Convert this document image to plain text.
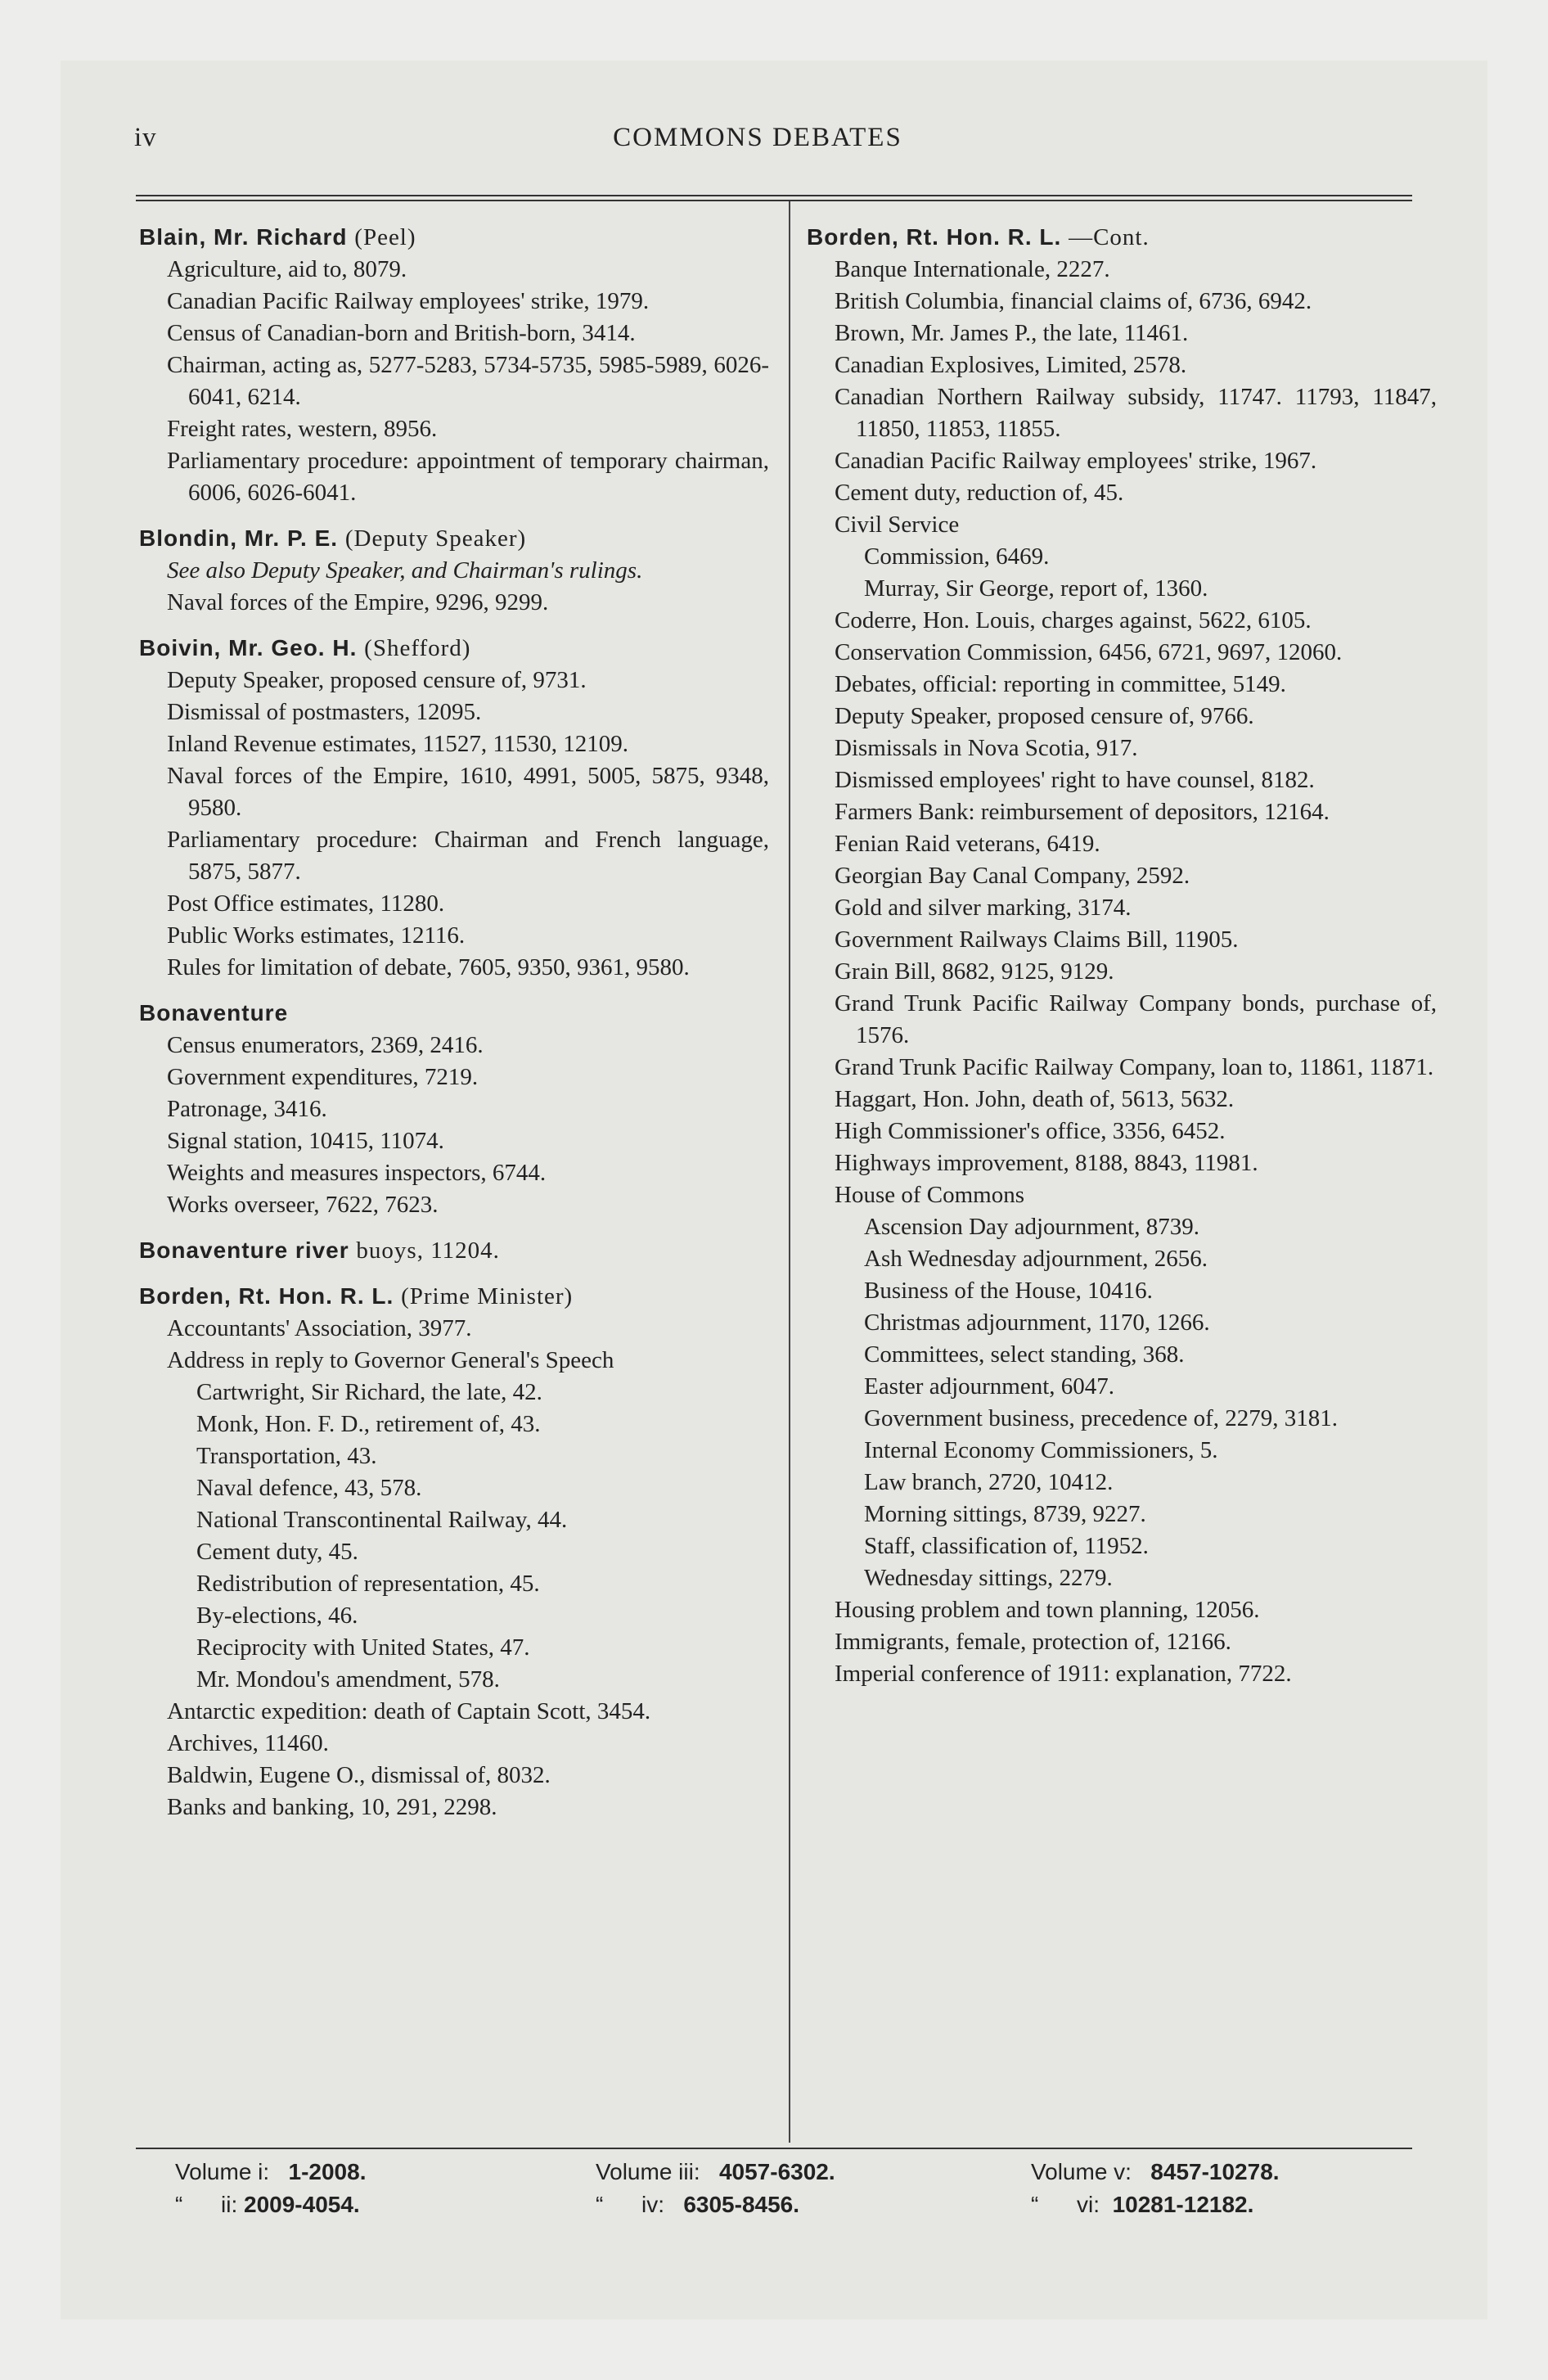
iv	COMMONS DEBATES
Blain, Mr. Richard (Peel)
Agriculture, aid to, 8079.
Canadian Pacific Railway employees' strike, 1979.
Census of Canadian-born and British-born, 3414.
Chairman, acting as, 5277-5283, 5734-5735, 5985-5989, 6026-6041, 6214.
Freight rates, western, 8956.
Parliamentary procedure: appointment of temporary chairman, 6006, 6026-6041.
Blondin, Mr. P. E. (Deputy Speaker)
See also Deputy Speaker, and Chairman's rulings.
Naval forces of the Empire, 9296, 9299.
Boivin, Mr. Geo. H. (Shefford)
Deputy Speaker, proposed censure of, 9731.
Dismissal of postmasters, 12095.
Inland Revenue estimates, 11527, 11530, 12109.
Naval forces of the Empire, 1610, 4991, 5005, 5875, 9348, 9580.
Parliamentary procedure: Chairman and French language, 5875, 5877.
Post Office estimates, 11280.
Public Works estimates, 12116.
Rules for limitation of debate, 7605, 9350, 9361, 9580.
Bonaventure
Census enumerators, 2369, 2416.
Government expenditures, 7219.
Patronage, 3416.
Signal station, 10415, 11074.
Weights and measures inspectors, 6744.
Works overseer, 7622, 7623.
Bonaventure river buoys, 11204.
Borden, Rt. Hon. R. L. (Prime Minister)
Accountants' Association, 3977.
Address in reply to Governor General's Speech
Cartwright, Sir Richard, the late, 42.
Monk, Hon. F. D., retirement of, 43.
Transportation, 43.
Naval defence, 43, 578.
National Transcontinental Railway, 44.
Cement duty, 45.
Redistribution of representation, 45.
By-elections, 46.
Reciprocity with United States, 47.
Mr. Mondou's amendment, 578.
Antarctic expedition: death of Captain Scott, 3454.
Archives, 11460.
Baldwin, Eugene O., dismissal of, 8032.
Banks and banking, 10, 291, 2298.
Borden, Rt. Hon. R. L. —Cont.
Banque Internationale, 2227.
British Columbia, financial claims of, 6736, 6942.
Brown, Mr. James P., the late, 11461.
Canadian Explosives, Limited, 2578.
Canadian Northern Railway subsidy, 11747. 11793, 11847, 11850, 11853, 11855.
Canadian Pacific Railway employees' strike, 1967.
Cement duty, reduction of, 45.
Civil Service
Commission, 6469.
Murray, Sir George, report of, 1360.
Coderre, Hon. Louis, charges against, 5622, 6105.
Conservation Commission, 6456, 6721, 9697, 12060.
Debates, official: reporting in committee, 5149.
Deputy Speaker, proposed censure of, 9766.
Dismissals in Nova Scotia, 917.
Dismissed employees' right to have counsel, 8182.
Farmers Bank: reimbursement of depositors, 12164.
Fenian Raid veterans, 6419.
Georgian Bay Canal Company, 2592.
Gold and silver marking, 3174.
Government Railways Claims Bill, 11905.
Grain Bill, 8682, 9125, 9129.
Grand Trunk Pacific Railway Company bonds, purchase of, 1576.
Grand Trunk Pacific Railway Company, loan to, 11861, 11871.
Haggart, Hon. John, death of, 5613, 5632.
High Commissioner's office, 3356, 6452.
Highways improvement, 8188, 8843, 11981.
House of Commons
Ascension Day adjournment, 8739.
Ash Wednesday adjournment, 2656.
Business of the House, 10416.
Christmas adjournment, 1170, 1266.
Committees, select standing, 368.
Easter adjournment, 6047.
Government business, precedence of, 2279, 3181.
Internal Economy Commissioners, 5.
Law branch, 2720, 10412.
Morning sittings, 8739, 9227.
Staff, classification of, 11952.
Wednesday sittings, 2279.
Housing problem and town planning, 12056.
Immigrants, female, protection of, 12166.
Imperial conference of 1911: explanation, 7722.
Volume i: 1-2008.
“      ii: 2009-4054.
Volume iii: 4057-6302.
“      iv: 6305-8456.
Volume v: 8457-10278.
“      vi: 10281-12182.
